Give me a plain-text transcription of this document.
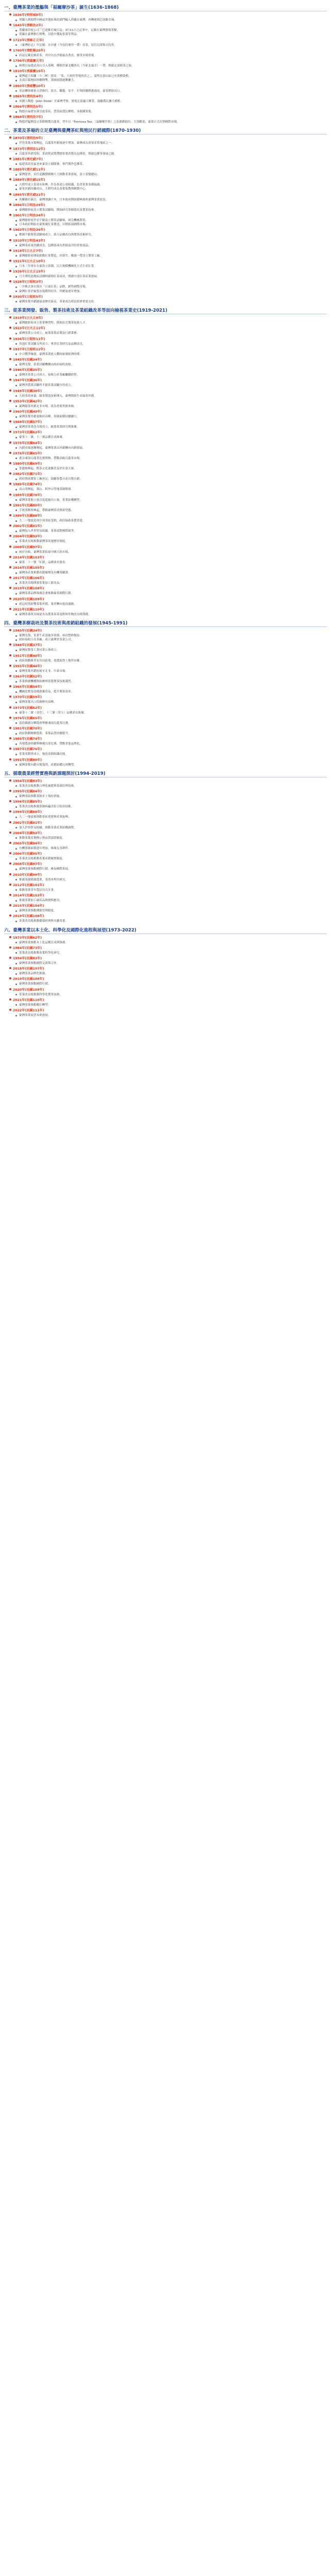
一、臺灣茶業的濫觴與「福爾摩沙茶」誕生(1636-1868)
1636年(明崇禎9年)
荷蘭人開始將中國或其他區域產銷門輸入荷蘭在臺灣，再轉運到巴達維亞城。
1645年(清順治2年)
荷蘭東印度公司「巴達維亞城日誌」3月11日之記事中，記載在臺灣發現茶樹。
荷蘭在臺灣推行開墾，以從中獲取茶葉等利益。
1723年(清雍正元年)
《臺灣府志》中記載：水沙連（今南投埔里一帶）產茶，原住民採集以待售。
1760年(清乾隆25年)
府誌記載北路產茶，其中以水沙連最為著名，頗受市場重視。
1796年(清嘉慶元年)
柯朝自福建武夷山引入茶種，種植於臺北鰈魚坑（今新北瑞芳）一帶，開啟北部植茶之始。
1810年(清嘉慶15年)
臺灣道王紹蘭〈小三峽〉提及：「茶，大嵙崁等地皆產之」，說明北部山區已有茶樹栽植。
北部丘陵地區陸續開墾，茶園面積逐漸擴大。
1860年(清咸豐10年)
英法聯軍後依天津條約，淡水、雞籠、安平、打狗陸續開港通商，臺茶開始出口。
1865年(清同治4年)
英國人陶德（John Dodd）至臺灣考察，發現北部適合種茶，鼓勵農民擴大種植。
1866年(清同治5年)
陶德自福建安溪引進茶苗，貸款給農民種植，並收購茶葉。
1868年(清同治7年)
陶德於艋舺設立茶館精製烏龍茶，翌年以「Formosa Tea」（福爾摩沙茶）之名運銷紐約，大受歡迎，臺茶正式打開國際市場。
二、茶業及茶場的立足臺灣與臺灣茶紅與殖民行銷國際(1870-1930)
1870年(清同治9年)
世界茶葉市場興起，烏龍茶外銷量逐年增加，臺灣成為重要產茶地區之一。
1873年(清同治12年)
烏龍茶外銷受阻，茶商嘗試將滯銷茶葉改製為包種茶，開啟包種茶發展之路。
1881年(清光緒7年)
福建茶商吳福老來臺設立源隆號，專門製作包種茶。
1885年(清光緒11年)
臺灣建省，首任巡撫劉銘傳大力推動茶業發展，設立茶釐總局。
1889年(清光緒15年)
大稻埕成立茶郊永和興，作為茶商公會組織，負責茶業事務協調。
臺茶外銷持續成長，大稻埕成為茶葉集散與精製中心。
1895年(清光緒21年)
馬關條約簽訂，臺灣割讓日本，日本政府開始積極調查臺灣茶業狀況。
1896年(日明治29年)
臺灣總督府設立製茶試驗場，開始研究茶樹栽培及製茶技術。
1901年(日明治34年)
臺灣總督府於安平鎮設立製茶試驗場，研究機械製茶。
日本政府開始在臺推廣紅茶製造，以期拓展國際市場。
1903年(日明治36年)
桃園平鎮製茶試驗場成立，致力品種改良與製茶技術研究。
1910年(日明治43年)
臺灣茶產量持續成長，包種茶成為外銷南洋的重要商品。
1918年(日大正7年)
臺灣總督府開始推動紅茶製造，於新竹、桃園一帶設立製茶工廠。
1921年(日大正10年)
日本三井會社在臺設立茶園，以大規模機械化方式生產紅茶。
1926年(日大正15年)
日月潭魚池地區試種阿薩姆紅茶成功，開啟中部紅茶產業發展。
1928年(日昭和3年)
三井株式會社推出「日東紅茶」品牌，銷售國際市場。
臺灣紅茶於倫敦市場獲得好評，外銷量逐年增加。
1930年(日昭和5年)
臺灣茶葉外銷總量達歷史新高，茶業成為殖民經濟重要支柱。
三、從茶業開發、販售、製茶技術及茶業組織改革等面向檢視茶業史(1919-2021)
1919年(日大正8年)
臺灣總督府成立茶業傳習所，開始培育製茶技術人才。
1923年(日大正12年)
臺灣茶業公司成立，統籌茶葉產製及行銷業務。
1936年(日昭和11年)
魚池紅茶試驗支所成立，專責紅茶研究及品種改良。
1937年(日昭和12年)
中日戰爭爆發，臺灣茶業進入戰時統制經濟時期。
1945年(民國34年)
臺灣光復，茶業試驗機構由政府接收改組。
1946年(民國35年)
臺灣省茶業公司成立，接收日產茶廠繼續經營。
1947年(民國36年)
臺灣省農業試驗所平鎮茶業試驗分所成立。
1949年(民國38年)
大陸茶商來臺，綠茶製造技術傳入，臺灣開始生產綠茶外銷。
1953年(民國42年)
臺灣綠茶外銷北非市場，成為重要外匯來源。
1960年(民國49年)
臺灣茶葉外銷量維持高峰，茶園面積持續擴大。
1968年(民國57年)
臺灣省茶業改良場成立，統籌茶業研究與推廣。
1973年(民國62年)
臺茶十二號、十三號品種育成推廣。
1975年(民國64年)
內銷市場逐漸興起，臺灣茶業由外銷轉向內銷發展。
1976年(民國65年)
鹿谷凍頂烏龍茶比賽開辦，帶動高級烏龍茶市場。
1980年(民國69年)
茶藝館興起，飲茶文化逐漸普及於社會大眾。
1982年(民國71年)
政府開放製茶工廠登記，鼓勵茶農自產自製自銷。
1985年(民國74年)
高山茶興起，梨山、阿里山等地茶園開發。
1989年(民國78年)
臺灣茶業進口量首度超過出口量，茶業結構轉型。
1991年(民國80年)
手搖茶飲料興起，帶動臺灣茶消費新型態。
1999年(民國88年)
九二一地震造成中部茶區受損，政府協助茶農重建。
2002年(民國91年)
臺灣加入世界貿易組織，茶業面對國際競爭。
2004年(民國93年)
茶業改良場推動臺灣茶產地標章制度。
2008年(民國97年)
兩岸直航，臺灣茶業拓展中國大陸市場。
2014年(民國103年)
臺茶二十一號「紅韻」品種命名發表。
2016年(民國105年)
臺灣茶產業推動產銷履歷及有機茶驗證。
2017年(民國106年)
茶業改良場開發茶葉加工新產品。
2019年(民國108年)
臺灣茶業品牌推廣計畫推動臺茶國際行銷。
2020年(民國109年)
新冠疫情影響茶葉外銷，業者轉向電商通路。
2021年(民國110年)
臺灣茶業改良場更名為農業部茶及飲料作物改良場籌備。
四、臺灣茶樹栽培及製茶技術與產銷組織的發展(1945-1991)
1945年(民國34年)
臺灣光復，茶業生產設施多毀損，亟待整修復原。
政府接收日產茶廠，成立臺灣省茶業公司。
1948年(民國37年)
臺灣區製茶工業同業公會成立。
1951年(民國40年)
政府推動耕者有其田政策，茶農取得土地所有權。
1955年(民國44年)
臺灣茶葉外銷拓展至北非、中東市場。
1963年(民國52年)
茶業推廣機構開始辦理茶農製茶技術講習。
1965年(民國54年)
機械化製茶設備逐漸普及，提升製茶效率。
1970年(民國59年)
臺灣茶葉出口值創歷史高峰。
1973年(民國62年)
臺茶十二號（金萱）、十三號（翠玉）品種命名推廣。
1976年(民國65年)
南投縣鹿谷鄉農會舉辦凍頂烏龍茶比賽。
1981年(民國70年)
政府推動精緻農業，茶葉品質持續提升。
1985年(民國74年)
各地農會陸續舉辦優良茶比賽，帶動茶葉品牌化。
1987年(民國76年)
茶業產銷班成立，強化產銷組織功能。
1991年(民國80年)
臺灣茶葉內銷市場蓬勃，產銷結構完成轉型。
五、循環農業經營實務與新課題探討(1994-2019)
1994年(民國83年)
茶業改良場推動合理化施肥與茶園管理技術。
1995年(民國84年)
臺灣茶區推動茶園水土保持措施。
1996年(民國85年)
茶業改良場推廣茶園病蟲害綜合防治技術。
1999年(民國88年)
九二一地震後推動茶區重建與產業振興。
2002年(民國91年)
加入世界貿易組織，推動茶業產業結構調整。
2004年(民國93年)
推動茶葉產地標示與品質認證制度。
2005年(民國94年)
有機茶園面積逐年增加，推廣友善耕作。
2006年(民國95年)
茶業改良場推動茶葉產銷履歷制度。
2008年(民國97年)
臺灣茶業推動國際行銷，參加國際茶展。
2010年(民國99年)
推廣茶園循環農業，茶渣再利用研究。
2012年(民國101年)
推動茶業青年農民培育計畫。
2014年(民國103年)
推廣茶葉加工副產品開發與應用。
2015年(民國104年)
臺灣茶業推動溯源管理制度。
2019年(民國108年)
茶業改良場推動循環經濟與永續茶業。
六、臺灣茶業以本土化、科學化及國際化進程與展望(1973-2022)
1973年(民國62年)
臺灣茶業推動本土化品種育成與推廣。
1984年(民國73年)
茶業改良場推動茶葉科學化研究。
1994年(民國83年)
臺灣茶業推動國際交流與合作。
2018年(民國107年)
臺灣茶業品牌化推廣。
2019年(民國108年)
臺灣茶業推動國際行銷。
2020年(民國109年)
茶業改良場推動科學化製茶技術。
2021年(民國110年)
臺灣茶業推動數位轉型。
2022年(民國111年)
臺灣茶業展望未來發展。
